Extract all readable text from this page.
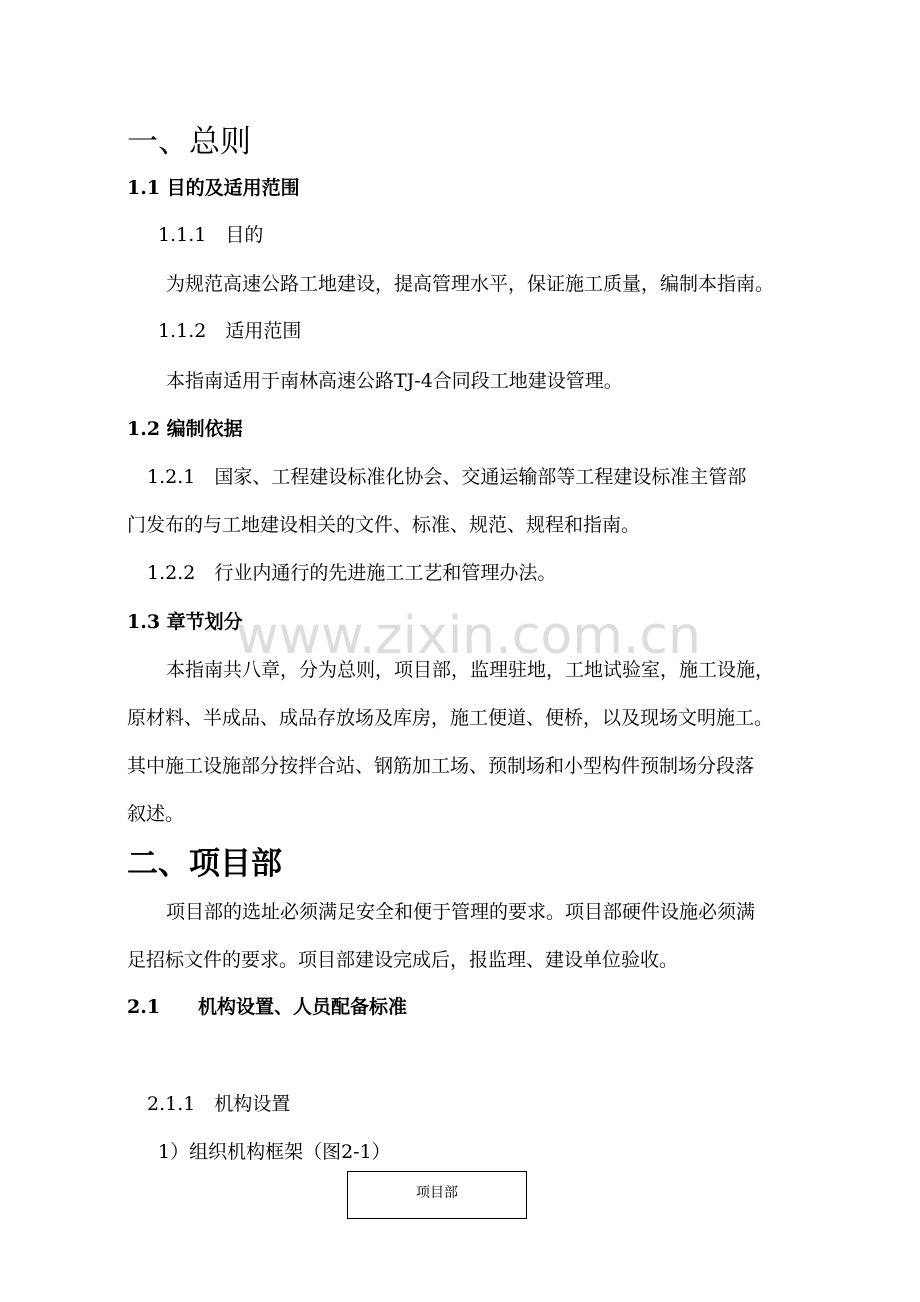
www.zixin.com.cn
一、总则
1.1 目的及适用范围
1.1.1　目的
为规范高速公路工地建设，提高管理水平，保证施工质量，编制本指南。
1.1.2　适用范围
本指南适用于南林高速公路TJ-4合同段工地建设管理。
1.2 编制依据
1.2.1　国家、工程建设标准化协会、交通运输部等工程建设标准主管部
门发布的与工地建设相关的文件、标准、规范、规程和指南。
1.2.2　行业内通行的先进施工工艺和管理办法。
1.3 章节划分
本指南共八章，分为总则，项目部，监理驻地，工地试验室，施工设施，
原材料、半成品、成品存放场及库房，施工便道、便桥，以及现场文明施工。
其中施工设施部分按拌合站、钢筋加工场、预制场和小型构件预制场分段落
叙述。
二、项目部
项目部的选址必须满足安全和便于管理的要求。项目部硬件设施必须满
足招标文件的要求。项目部建设完成后，报监理、建设单位验收。
2.1　　机构设置、人员配备标准
2.1.1　机构设置
1）组织机构框架（图2-1）
项目部
